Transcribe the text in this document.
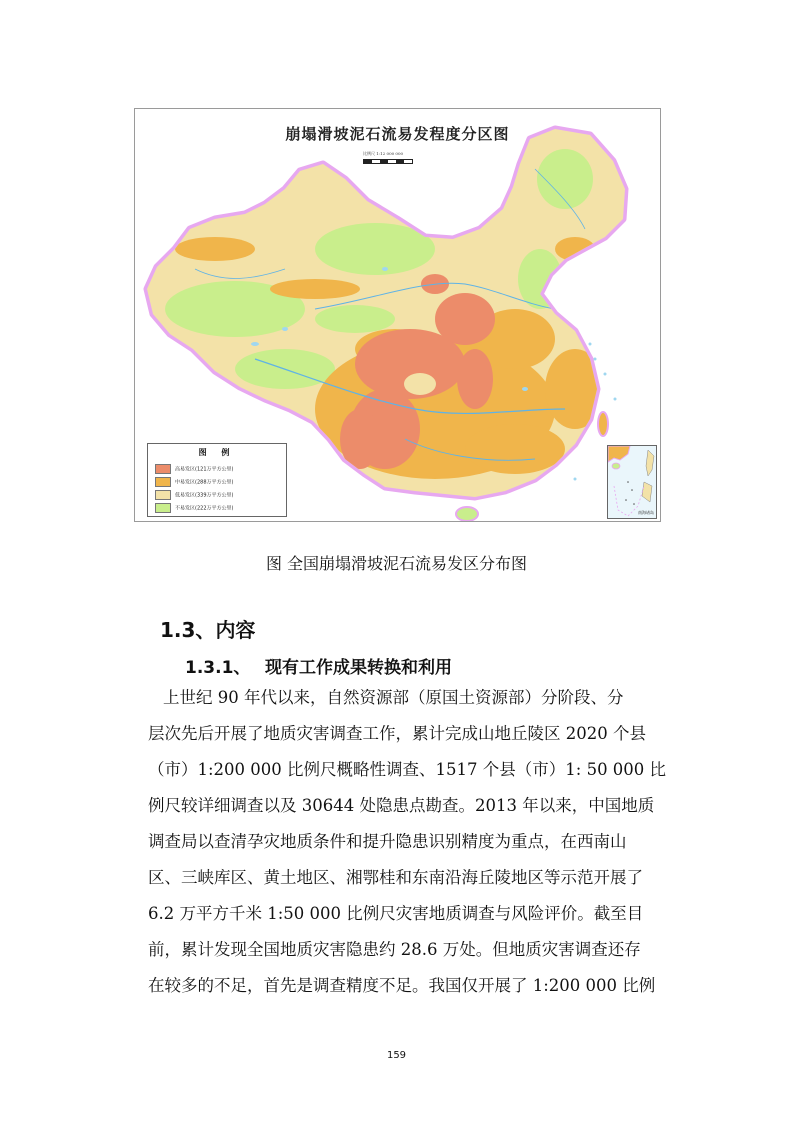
崩塌滑坡泥石流易发程度分区图
比例尺 1:12 000 000
图 例
高易发区(121万平方公里)
中易发区(288万平方公里)
低易发区(339万平方公里)
不易发区(222万平方公里)
南海诸岛
图 全国崩塌滑坡泥石流易发区分布图
1.3、内容
1.3.1、 现有工作成果转换和利用
上世纪 90 年代以来，自然资源部（原国土资源部）分阶段、分
层次先后开展了地质灾害调查工作，累计完成山地丘陵区 2020 个县
（市）1:200 000 比例尺概略性调查、1517 个县（市）1: 50 000 比
例尺较详细调查以及 30644 处隐患点勘查。2013 年以来，中国地质
调查局以查清孕灾地质条件和提升隐患识别精度为重点，在西南山
区、三峡库区、黄土地区、湘鄂桂和东南沿海丘陵地区等示范开展了
6.2 万平方千米 1:50 000 比例尺灾害地质调查与风险评价。截至目
前，累计发现全国地质灾害隐患约 28.6 万处。但地质灾害调查还存
在较多的不足，首先是调查精度不足。我国仅开展了 1:200 000 比例
159
